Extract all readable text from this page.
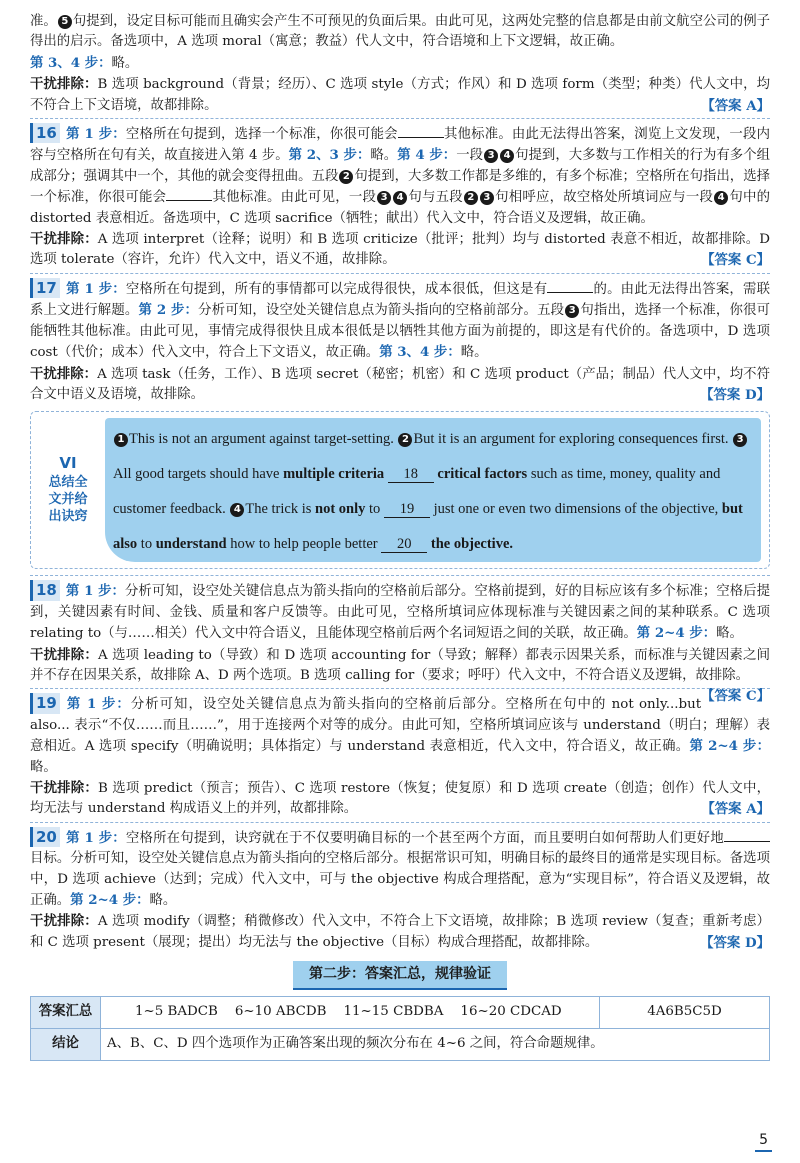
准。 5 句提到，设定目标可能而且确实会产生不可预见的负面后果。由此可见，这两处完整的信息都是由前文航空公司的例子得出的启示。备选项中，A 选项 moral（寓意；教益）代人文中，符合语境和上下文逻辑，故正确。
第 3、4 步：略。
干扰排除：B 选项 background（背景；经历）、C 选项 style（方式；作风）和 D 选项 form（类型；种类）代人文中，均不符合上下文语境，故都排除。	【答案 A】
16 第 1 步：空格所在句提到，选择一个标准，你很可能会	其他标准。由此无法得出答案，浏览上文发现，一段内容与空格所在句有关，故直接进入第 4 步。第 2、3 步：略。第 4 步：一段 3 4 句提到，大多数与工作相关的行为有多个组成部分；强调其中一个，其他的就会变得扭曲。五段 2 句提到，大多数工作都是多维的，有多个标准；空格所在句指出，选择一个标准，你很可能会	其他标准。由此可见，一段 3 4 句与五段 2 3 句相呼应，故空格处所填词应与一段 4 句中的 distorted 表意相近。备选项中，C 选项 sacrifice（牺牲；献出）代入文中，符合语义及逻辑，故正确。
干扰排除：A 选项 interpret（诠释；说明）和 B 选项 criticize（批评；批判）均与 distorted 表意不相近，故都排除。D 选项 tolerate（容许，允许）代入文中，语义不通，故排除。	【答案 C】
17 第 1 步：空格所在句提到，所有的事情都可以完成得很快，成本很低，但这是有	的。由此无法得出答案，需联系上文进行解题。第 2 步：分析可知，设空处关键信息点为箭头指向的空格前部分。五段 3 句指出，选择一个标准，你很可能牺牲其他标准。由此可见，事情完成得很快且成本很低是以牺牲其他方面为前提的，即这是有代价的。备选项中，D 选项 cost（代价；成本）代入文中，符合上下文语义，故正确。第 3、4 步：略。
干扰排除：A 选项 task（任务，工作）、B 选项 secret（秘密；机密）和 C 选项 product（产品；制品）代人文中，均不符合文中语义及语境，故排除。	【答案 D】
VI
总结全
文并给
出诀窍
1 This is not an argument against target-setting. 2 But it is an argument for exploring consequences first. 3All good targets should have multiple criteria 18 critical factors such as time, money, quality and customer feedback. 4 The trick is not only to 19 just one or even two dimensions of the objective, but also to understand how to help people better 20 the objective.
18 第 1 步：分析可知，设空处关键信息点为箭头指向的空格前后部分。空格前提到，好的目标应该有多个标准；空格后提到，关键因素有时间、金钱、质量和客户反馈等。由此可见，空格所填词应体现标准与关键因素之间的某种联系。C 选项 relating to（与……相关）代入文中符合语义，且能体现空格前后两个名词短语之间的关联，故正确。第 2~4 步：略。
干扰排除：A 选项 leading to（导致）和 D 选项 accounting for（导致；解释）都表示因果关系，而标准与关键因素之间并不存在因果关系，故排除 A、D 两个选项。B 选项 calling for（要求；呼吁）代入文中，不符合语义及逻辑，故排除。
【答案 C】
19 第 1 步：分析可知，设空处关键信息点为箭头指向的空格前后部分。空格所在句中的 not only...but also... 表示“不仅……而且……”，用于连接两个对等的成分。由此可知，空格所填词应该与 understand（明白；理解）表意相近。A 选项 specify（明确说明；具体指定）与 understand 表意相近，代入文中，符合语义，故正确。第 2~4 步：略。
干扰排除：B 选项 predict（预言；预告）、C 选项 restore（恢复；使复原）和 D 选项 create（创造；创作）代人文中，均无法与 understand 构成语义上的并列，故都排除。	【答案 A】
20 第 1 步：空格所在句提到，诀窍就在于不仅要明确目标的一个甚至两个方面，而且要明白如何帮助人们更好地目标。分析可知，设空处关键信息点为箭头指向的空格后部分。根据常识可知，明确目标的最终目的通常是实现目标。备选项中，D 选项 achieve（达到；完成）代入文中，可与 the objective 构成合理搭配，意为“实现目标”，符合语义及逻辑，故正确。第 2~4 步：略。
干扰排除：A 选项 modify（调整；稍微修改）代入文中，不符合上下文语境，故排除；B 选项 review（复查；重新考虑）和 C 选项 present（展现；提出）均无法与 the objective（目标）构成合理搭配，故都排除。	【答案 D】
第二步：答案汇总，规律验证
答案汇总	1~5 BADCB    6~10 ABCDB    11~15 CBDBA    16~20 CDCAD	4A6B5C5D
结论	A、B、C、D 四个选项作为正确答案出现的频次分布在 4~6 之间，符合命题规律。	
5
